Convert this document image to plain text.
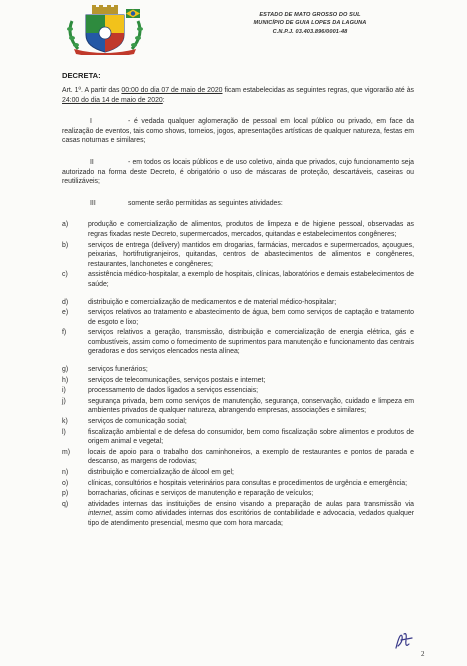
ESTADO DE MATO GROSSO DO SUL
MUNICÍPIO DE GUIA LOPES DA LAGUNA
C.N.P.J. 03.403.896/0001-48
DECRETA:

Art. 1º. A partir das 00:00 do dia 07 de maio de 2020 ficam estabelecidas as seguintes regras, que vigorarão até às 24:00 do dia 14 de maio de 2020:

I	- é vedada qualquer aglomeração de pessoal em local público ou privado, em face da realização de eventos, tais como shows, torneios, jogos, apresentações artísticas de qualquer natureza, festas em casas noturnas e similares;

II	- em todos os locais públicos e de uso coletivo, ainda que privados, cujo funcionamento seja autorizado na forma deste Decreto, é obrigatório o uso de máscaras de proteção, descartáveis, caseiras ou reutilizáveis;

III	somente serão permitidas as seguintes atividades:

a)	produção e comercialização de alimentos, produtos de limpeza e de higiene pessoal, observadas as regras fixadas neste Decreto, supermercados, mercados, quitandas e estabelecimentos congêneres;
b)	serviços de entrega (delivery) mantidos em drogarias, farmácias, mercados e supermercados, açougues, peixarias, hortifrutigranjeiros, quitandas, centros de abastecimentos de alimentos e congêneres, restaurantes, lanchonetes e congêneres;
c)	assistência médico-hospitalar, a exemplo de hospitais, clínicas, laboratórios e demais estabelecimentos de saúde;
d)	distribuição e comercialização de medicamentos e de material médico-hospitalar;
e)	serviços relativos ao tratamento e abastecimento de água, bem como serviços de captação e tratamento de esgoto e lixo;
f)	serviços relativos a geração, transmissão, distribuição e comercialização de energia elétrica, gás e combustíveis, assim como o fornecimento de suprimentos para manutenção e funcionamento das centrais geradoras e dos serviços elencados nesta alínea;
g)	serviços funerários;
h)	serviços de telecomunicações, serviços postais e internet;
i)	processamento de dados ligados a serviços essenciais;
j)	segurança privada, bem como serviços de manutenção, segurança, conservação, cuidado e limpeza em ambientes privados de qualquer natureza, abrangendo empresas, associações e similares;
k)	serviços de comunicação social;
l)	fiscalização ambiental e de defesa do consumidor, bem como fiscalização sobre alimentos e produtos de origem animal e vegetal;
m)	locais de apoio para o trabalho dos caminhoneiros, a exemplo de restaurantes e pontos de parada e descanso, as margens de rodovias;
n)	distribuição e comercialização de álcool em gel;
o)	clínicas, consultórios e hospitais veterinários para consultas e procedimentos de urgência e emergência;
p)	borracharias, oficinas e serviços de manutenção e reparação de veículos;
q)	atividades internas das instituições de ensino visando a preparação de aulas para transmissão via internet, assim como atividades internas dos escritórios de contabilidade e advocacia, vedados qualquer tipo de atendimento presencial, mesmo que com hora marcada;
2
